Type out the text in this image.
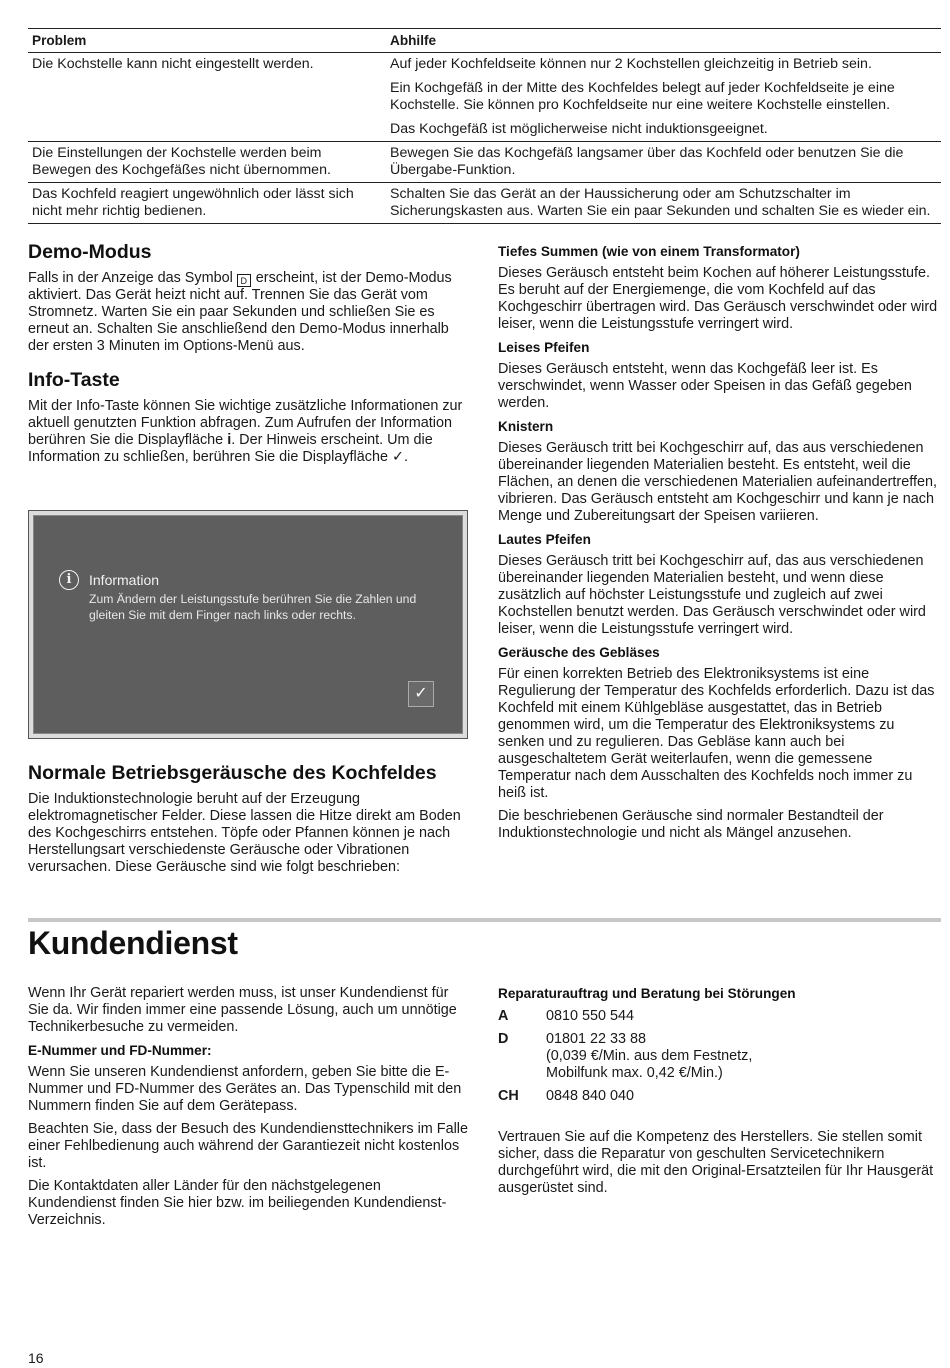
Problem	Abhilfe
Die Kochstelle kann nicht eingestellt werden.	Auf jeder Kochfeldseite können nur 2 Kochstellen gleichzeitig in Betrieb sein.
	Ein Kochgefäß in der Mitte des Kochfeldes belegt auf jeder Kochfeldseite je eine Kochstelle. Sie können pro Kochfeldseite nur eine weitere Kochstelle einstellen.
	Das Kochgefäß ist möglicherweise nicht induktionsgeeignet.
Die Einstellungen der Kochstelle werden beim Bewegen des Kochgefäßes nicht übernommen.	Bewegen Sie das Kochgefäß langsamer über das Kochfeld oder benutzen Sie die Übergabe-Funktion.
Das Kochfeld reagiert ungewöhnlich oder lässt sich nicht mehr richtig bedienen.	Schalten Sie das Gerät an der Haussicherung oder am Schutzschalter im Sicherungskasten aus. Warten Sie ein paar Sekunden und schalten Sie es wieder ein.
Demo-Modus

Falls in der Anzeige das Symbol D erscheint, ist der Demo-Modus aktiviert. Das Gerät heizt nicht auf. Trennen Sie das Gerät vom Stromnetz. Warten Sie ein paar Sekunden und schließen Sie es erneut an. Schalten Sie anschließend den Demo-Modus innerhalb der ersten 3 Minuten im Options-Menü aus.

Info-Taste

Mit der Info-Taste können Sie wichtige zusätzliche Informationen zur aktuell genutzten Funktion abfragen. Zum Aufrufen der Information berühren Sie die Displayfläche i. Der Hinweis erscheint. Um die Information zu schließen, berühren Sie die Displayfläche ✓.

i	Information
Zum Ändern der Leistungsstufe berühren Sie die Zahlen und gleiten Sie mit dem Finger nach links oder rechts.
✓
Normale Betriebsgeräusche des Kochfeldes

Die Induktionstechnologie beruht auf der Erzeugung elektromagnetischer Felder. Diese lassen die Hitze direkt am Boden des Kochgeschirrs entstehen. Töpfe oder Pfannen können je nach Herstellungsart verschiedenste Geräusche oder Vibrationen verursachen. Diese Geräusche sind wie folgt beschrieben:

Tiefes Summen (wie von einem Transformator)

Dieses Geräusch entsteht beim Kochen auf höherer Leistungsstufe. Es beruht auf der Energiemenge, die vom Kochfeld auf das Kochgeschirr übertragen wird. Das Geräusch verschwindet oder wird leiser, wenn die Leistungsstufe verringert wird.

Leises Pfeifen

Dieses Geräusch entsteht, wenn das Kochgefäß leer ist. Es verschwindet, wenn Wasser oder Speisen in das Gefäß gegeben werden.

Knistern

Dieses Geräusch tritt bei Kochgeschirr auf, das aus verschiedenen übereinander liegenden Materialien besteht. Es entsteht, weil die Flächen, an denen die verschiedenen Materialien aufeinandertreffen, vibrieren. Das Geräusch entsteht am Kochgeschirr und kann je nach Menge und Zubereitungsart der Speisen variieren.

Lautes Pfeifen

Dieses Geräusch tritt bei Kochgeschirr auf, das aus verschiedenen übereinander liegenden Materialien besteht, und wenn diese zusätzlich auf höchster Leistungsstufe und zugleich auf zwei Kochstellen benutzt werden. Das Geräusch verschwindet oder wird leiser, wenn die Leistungsstufe verringert wird.

Geräusche des Gebläses

Für einen korrekten Betrieb des Elektroniksystems ist eine Regulierung der Temperatur des Kochfelds erforderlich. Dazu ist das Kochfeld mit einem Kühlgebläse ausgestattet, das in Betrieb genommen wird, um die Temperatur des Elektroniksystems zu senken und zu regulieren. Das Gebläse kann auch bei ausgeschaltetem Gerät weiterlaufen, wenn die gemessene Temperatur nach dem Ausschalten des Kochfelds noch immer zu heiß ist.

Die beschriebenen Geräusche sind normaler Bestandteil der Induktionstechnologie und nicht als Mängel anzusehen.

Kundendienst

Wenn Ihr Gerät repariert werden muss, ist unser Kundendienst für Sie da. Wir finden immer eine passende Lösung, auch um unnötige Technikerbesuche zu vermeiden.

E-Nummer und FD-Nummer:

Wenn Sie unseren Kundendienst anfordern, geben Sie bitte die E-Nummer und FD-Nummer des Gerätes an. Das Typenschild mit den Nummern finden Sie auf dem Gerätepass.

Beachten Sie, dass der Besuch des Kundendiensttechnikers im Falle einer Fehlbedienung auch während der Garantiezeit nicht kostenlos ist.

Die Kontaktdaten aller Länder für den nächstgelegenen Kundendienst finden Sie hier bzw. im beiliegenden Kundendienst-Verzeichnis.

Reparaturauftrag und Beratung bei Störungen
A	0810 550 544
D	01801 22 33 88
(0,039 €/Min. aus dem Festnetz,
Mobilfunk max. 0,42 €/Min.)
CH 0848 840 040

Vertrauen Sie auf die Kompetenz des Herstellers. Sie stellen somit sicher, dass die Reparatur von geschulten Servicetechnikern durchgeführt wird, die mit den Original-Ersatzteilen für Ihr Hausgerät ausgerüstet sind.

16
